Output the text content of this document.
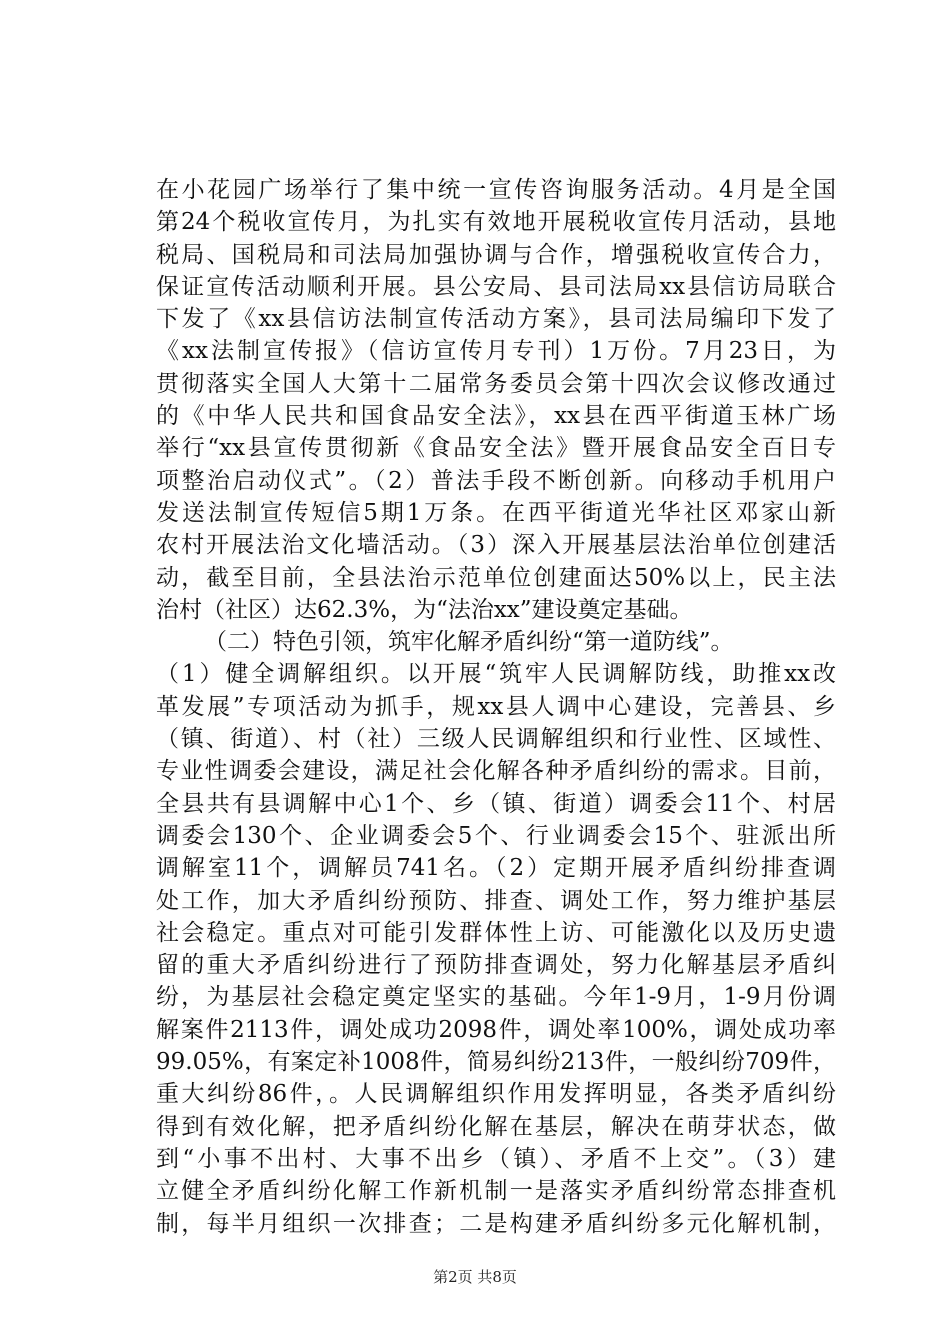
在小花园广场举行了集中统一宣传咨询服务活动。4月是全国
第24个税收宣传月，为扎实有效地开展税收宣传月活动，县地
税局、国税局和司法局加强协调与合作，增强税收宣传合力，
保证宣传活动顺利开展。县公安局、县司法局xx县信访局联合
下发了《xx县信访法制宣传活动方案》，县司法局编印下发了
《xx法制宣传报》（信访宣传月专刊）1万份。7月23日，为
贯彻落实全国人大第十二届常务委员会第十四次会议修改通过
的《中华人民共和国食品安全法》，xx县在西平街道玉林广场
举行“xx县宣传贯彻新《食品安全法》暨开展食品安全百日专
项整治启动仪式”。（2）普法手段不断创新。向移动手机用户
发送法制宣传短信5期1万条。在西平街道光华社区邓家山新
农村开展法治文化墙活动。（3）深入开展基层法治单位创建活
动，截至目前，全县法治示范单位创建面达50%以上，民主法
治村（社区）达62.3%，为“法治xx”建设奠定基础。
（二）特色引领，筑牢化解矛盾纠纷“第一道防线”。
（1）健全调解组织。以开展“筑牢人民调解防线，助推xx改
革发展”专项活动为抓手，规xx县人调中心建设，完善县、乡
（镇、街道）、村（社）三级人民调解组织和行业性、区域性、
专业性调委会建设，满足社会化解各种矛盾纠纷的需求。目前，
全县共有县调解中心1个、乡（镇、街道）调委会11个、村居
调委会130个、企业调委会5个、行业调委会15个、驻派出所
调解室11个，调解员741名。（2）定期开展矛盾纠纷排查调
处工作，加大矛盾纠纷预防、排查、调处工作，努力维护基层
社会稳定。重点对可能引发群体性上访、可能激化以及历史遗
留的重大矛盾纠纷进行了预防排查调处，努力化解基层矛盾纠
纷，为基层社会稳定奠定坚实的基础。今年1-9月，1-9月份调
解案件2113件，调处成功2098件，调处率100%，调处成功率
99.05%，有案定补1008件，简易纠纷213件，一般纠纷709件，
重大纠纷86件，。人民调解组织作用发挥明显，各类矛盾纠纷
得到有效化解，把矛盾纠纷化解在基层，解决在萌芽状态，做
到“小事不出村、大事不出乡（镇）、矛盾不上交”。（3）建
立健全矛盾纠纷化解工作新机制一是落实矛盾纠纷常态排查机
制，每半月组织一次排查；二是构建矛盾纠纷多元化解机制，
第2页 共8页
